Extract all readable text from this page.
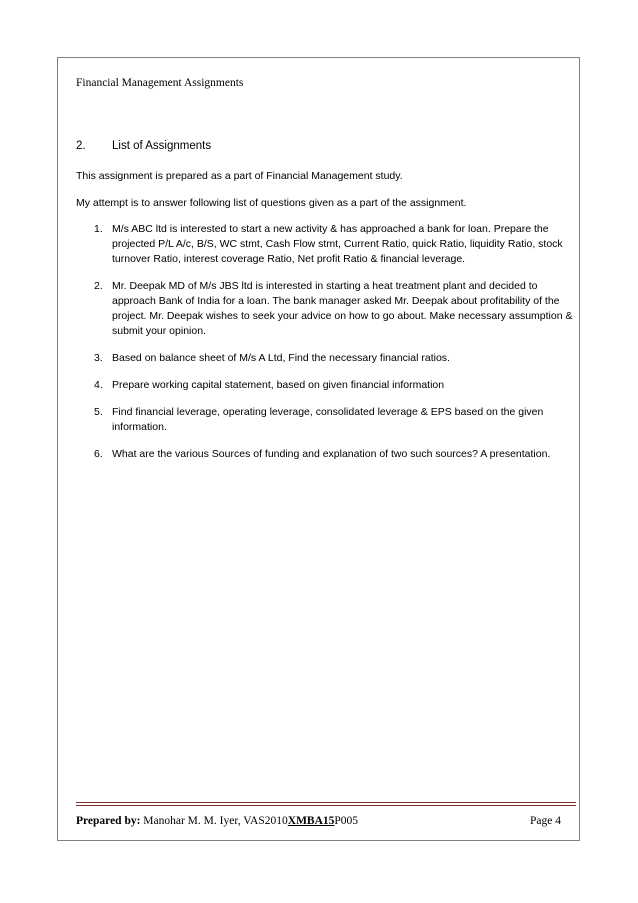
Financial Management Assignments
2. List of Assignments
This assignment is prepared as a part of Financial Management study.
My attempt is to answer following list of questions given as a part of the assignment.
1. M/s ABC ltd is interested to start a new activity & has approached a bank for loan. Prepare the
projected P/L A/c, B/S, WC stmt, Cash Flow stmt, Current Ratio, quick Ratio, liquidity Ratio, stock
turnover Ratio, interest coverage Ratio, Net profit Ratio & financial leverage.
2. Mr. Deepak MD of M/s JBS ltd is interested in starting a heat treatment plant and decided to
approach Bank of India for a loan. The bank manager asked Mr. Deepak about profitability of the
project. Mr. Deepak wishes to seek your advice on how to go about. Make necessary assumption &
submit your opinion.
3. Based on balance sheet of M/s A Ltd, Find the necessary financial ratios.
4. Prepare working capital statement, based on given financial information
5. Find financial leverage, operating leverage, consolidated leverage & EPS based on the given
information.
6. What are the various Sources of funding and explanation of two such sources? A presentation.
Prepared by: Manohar M. M. Iyer, VAS2010XMBA15P005	Page 4
